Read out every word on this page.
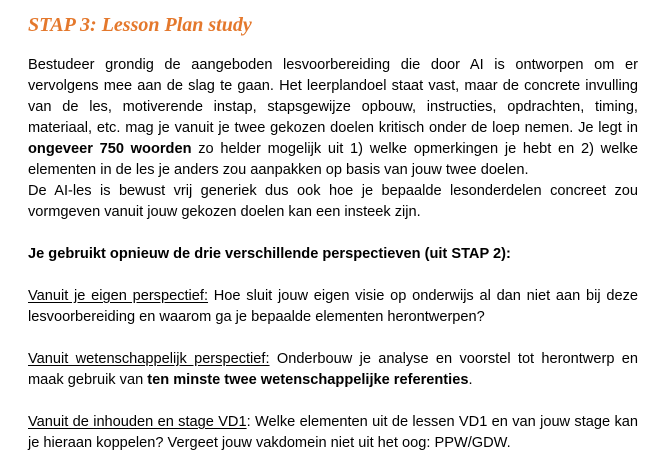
STAP 3: Lesson Plan study

Bestudeer grondig de aangeboden lesvoorbereiding die door AI is ontworpen om er vervolgens mee aan de slag te gaan. Het leerplandoel staat vast, maar de concrete invulling van de les, motiverende instap, stapsgewijze opbouw, instructies, opdrachten, timing, materiaal, etc. mag je vanuit je twee gekozen doelen kritisch onder de loep nemen. Je legt in ongeveer 750 woorden zo helder mogelijk uit 1) welke opmerkingen je hebt en 2) welke elementen in de les je anders zou aanpakken op basis van jouw twee doelen.

De AI-les is bewust vrij generiek dus ook hoe je bepaalde lesonderdelen concreet zou vormgeven vanuit jouw gekozen doelen kan een insteek zijn.

Je gebruikt opnieuw de drie verschillende perspectieven (uit STAP 2):

Vanuit je eigen perspectief: Hoe sluit jouw eigen visie op onderwijs al dan niet aan bij deze lesvoorbereiding en waarom ga je bepaalde elementen herontwerpen?

Vanuit wetenschappelijk perspectief: Onderbouw je analyse en voorstel tot herontwerp en maak gebruik van ten minste twee wetenschappelijke referenties.

Vanuit de inhouden en stage VD1: Welke elementen uit de lessen VD1 en van jouw stage kan je hieraan koppelen? Vergeet jouw vakdomein niet uit het oog: PPW/GDW.
